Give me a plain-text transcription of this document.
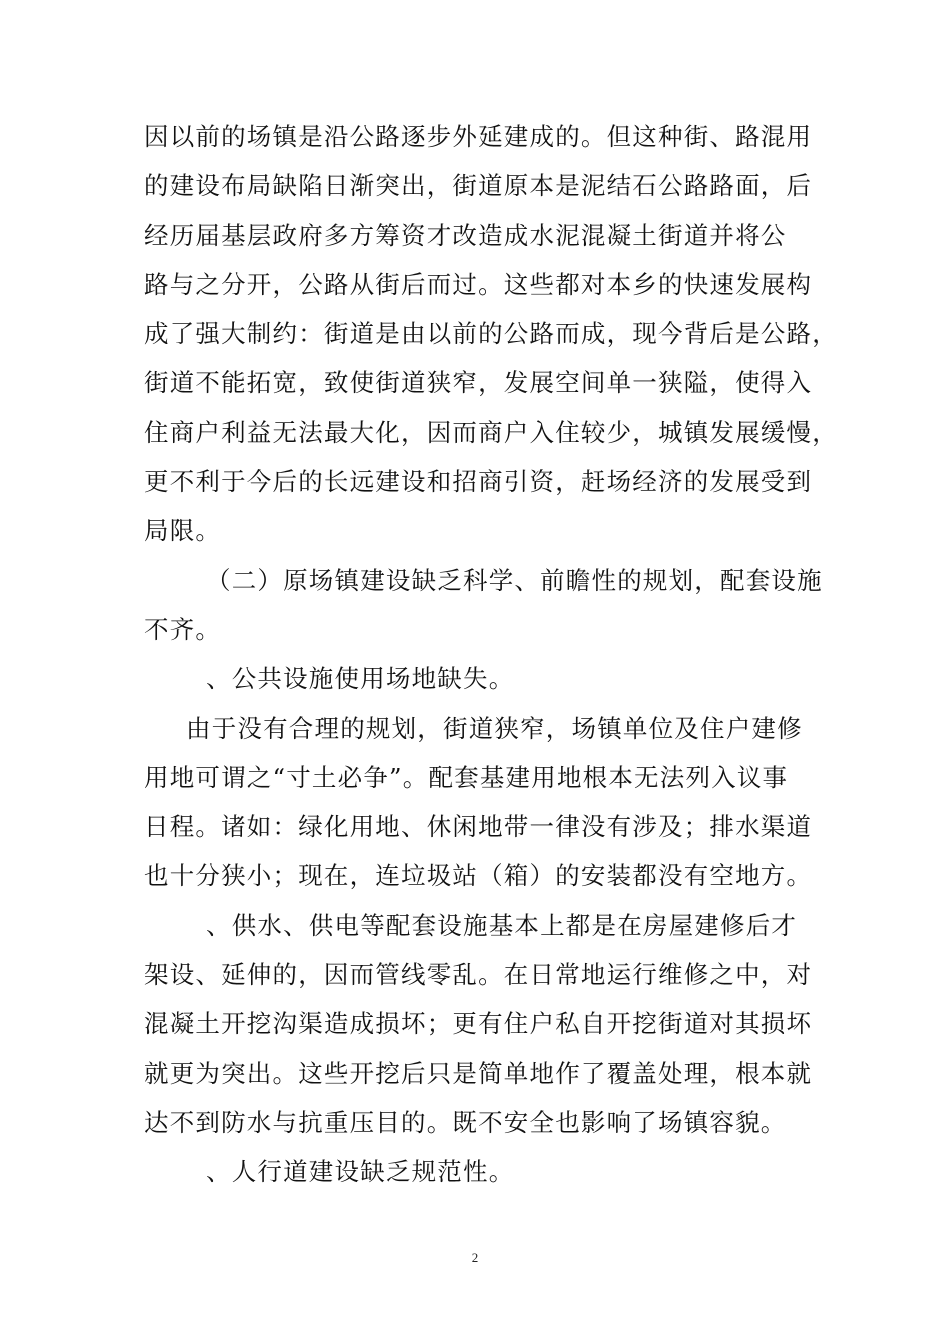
因以前的场镇是沿公路逐步外延建成的。但这种街、路混用
的建设布局缺陷日渐突出，街道原本是泥结石公路路面，后
经历届基层政府多方筹资才改造成水泥混凝土街道并将公
路与之分开，公路从街后而过。这些都对本乡的快速发展构
成了强大制约：街道是由以前的公路而成，现今背后是公路，
街道不能拓宽，致使街道狭窄，发展空间单一狭隘，使得入
住商户利益无法最大化，因而商户入住较少，城镇发展缓慢，
更不利于今后的长远建设和招商引资，赶场经济的发展受到
局限。
（二）原场镇建设缺乏科学、前瞻性的规划，配套设施
不齐。
、公共设施使用场地缺失。
由于没有合理的规划，街道狭窄，场镇单位及住户建修
用地可谓之“寸土必争”。配套基建用地根本无法列入议事
日程。诸如：绿化用地、休闲地带一律没有涉及；排水渠道
也十分狭小；现在，连垃圾站（箱）的安装都没有空地方。
、供水、供电等配套设施基本上都是在房屋建修后才
架设、延伸的，因而管线零乱。在日常地运行维修之中，对
混凝土开挖沟渠造成损坏；更有住户私自开挖街道对其损坏
就更为突出。这些开挖后只是简单地作了覆盖处理，根本就
达不到防水与抗重压目的。既不安全也影响了场镇容貌。
、人行道建设缺乏规范性。
2
